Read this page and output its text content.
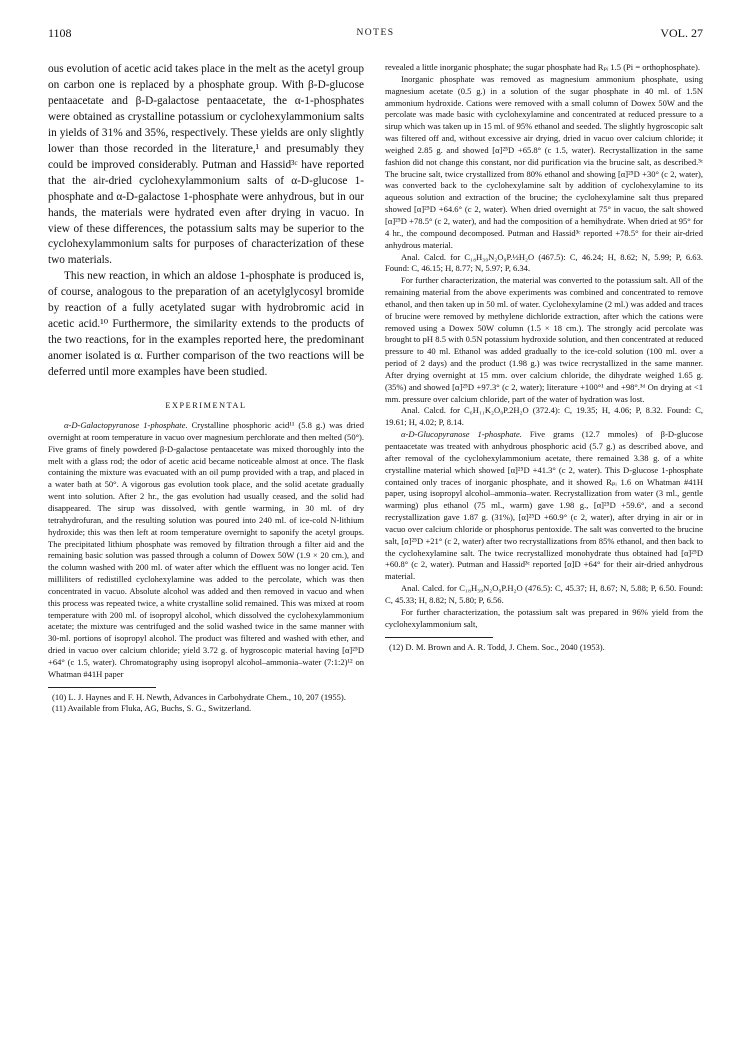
1108	NOTES	VOL. 27

ous evolution of acetic acid takes place in the melt as the acetyl group on carbon one is replaced by a phosphate group. With β-D-glucose pentaacetate and β-D-galactose pentaacetate, the α-1-phosphates were obtained as crystalline potassium or cyclohexylammonium salts in yields of 31% and 35%, respectively. These yields are only slightly lower than those recorded in the literature,¹ and presumably they could be improved considerably. Putman and Hassid³ᶜ have reported that the air-dried cyclohexylammonium salts of α-D-glucose 1-phosphate and α-D-galactose 1-phosphate were anhydrous, but in our hands, the materials were hydrated even after drying in vacuo. In view of these differences, the potassium salts may be superior to the cyclohexylammonium salts for purposes of characterization of these two materials.

This new reaction, in which an aldose 1-phosphate is produced is, of course, analogous to the preparation of an acetylglycosyl bromide by reaction of a fully acetylated sugar with hydrobromic acid in acetic acid.¹⁰ Furthermore, the similarity extends to the products of the two reactions, for in the examples reported here, the predominant anomer isolated is α. Further comparison of the two reactions will be deferred until more examples have been studied.

EXPERIMENTAL

α-D-Galactopyranose 1-phosphate. Crystalline phosphoric acid¹¹ (5.8 g.) was dried overnight at room temperature in vacuo over magnesium perchlorate and then melted (50°). Five grams of finely powdered β-D-galactose pentaacetate was mixed thoroughly into the melt with a glass rod; the odor of acetic acid became noticeable almost at once. The flask containing the mixture was evacuated with an oil pump provided with a trap, and placed in a water bath at 50°. A vigorous gas evolution took place, and the solid acetate gradually went into solution. After 2 hr., the gas evolution had usually ceased, and the solid had disappeared. The sirup was dissolved, with gentle warming, in 30 ml. of dry tetrahydrofuran, and the resulting solution was poured into 240 ml. of ice-cold N-lithium hydroxide; this was then left at room temperature overnight to saponify the acetyl groups. The precipitated lithium phosphate was removed by filtration through a filter aid and the remaining basic solution was passed through a column of Dowex 50W (1.9 × 20 cm.), and the column washed with 200 ml. of water after which the effluent was no longer acid. Ten milliliters of redistilled cyclohexylamine was added to the percolate, which was then concentrated in vacuo. Absolute alcohol was added and then removed in vacuo and when this process was repeated twice, a white crystalline solid remained. This was mixed at room temperature with 200 ml. of isopropyl alcohol, which dissolved the cyclohexylammonium acetate; the mixture was centrifuged and the solid washed twice in the same manner with 30-ml. portions of isopropyl alcohol. The product was filtered and washed with ether, and dried in vacuo over calcium chloride; yield 3.72 g. of hygroscopic material having [α]²⁵D +64° (c 1.5, water). Chromatography using isopropyl alcohol–ammonia–water (7:1:2)¹² on Whatman #41H paper

(10) L. J. Haynes and F. H. Newth, Advances in Carbohydrate Chem., 10, 207 (1955).

(11) Available from Fluka, AG, Buchs, S. G., Switzerland.

revealed a little inorganic phosphate; the sugar phosphate had Rₚᵢ 1.5 (Pi = orthophosphate).

Inorganic phosphate was removed as magnesium ammonium phosphate, using magnesium acetate (0.5 g.) in a solution of the sugar phosphate in 40 ml. of 1.5N ammonium hydroxide. Cations were removed with a small column of Dowex 50W and the percolate was made basic with cyclohexylamine and concentrated at reduced pressure to a sirup which was taken up in 15 ml. of 95% ethanol and seeded. The slightly hygroscopic salt was filtered off and, without excessive air drying, dried in vacuo over calcium chloride; it weighed 2.85 g. and showed [α]²⁵D +65.8° (c 1.5, water). Recrystallization in the same fashion did not change this constant, nor did purification via the brucine salt, as described.³ᶜ The brucine salt, twice crystallized from 80% ethanol and showing [α]²⁵D +30° (c 2, water), was converted back to the cyclohexylamine salt by addition of cyclohexylamine to its aqueous solution and extraction of the brucine; the cyclohexylamine salt thus prepared showed [α]²⁵D +64.6° (c 2, water). When dried overnight at 75° in vacuo, the salt showed [α]²⁵D +78.5° (c 2, water), and had the composition of a hemihydrate. When dried at 95° for 4 hr., the compound decomposed. Putman and Hassid³ᶜ reported +78.5° for their air-dried anhydrous material.

Anal. Calcd. for C₁₈H₃₉N₂O₉P.½H₂O (467.5): C, 46.24; H, 8.62; N, 5.99; P, 6.63. Found: C, 46.15; H, 8.77; N, 5.97; P, 6.34.

For further characterization, the material was converted to the potassium salt. All of the remaining material from the above experiments was combined and concentrated to remove ethanol, and then taken up in 50 ml. of water. Cyclohexylamine (2 ml.) was added and traces of brucine were removed by methylene dichloride extraction, after which the cations were removed using a Dowex 50W column (1.5 × 18 cm.). The strongly acid percolate was brought to pH 8.5 with 0.5N potassium hydroxide solution, and then concentrated at reduced pressure to 40 ml. Ethanol was added gradually to the ice-cold solution (100 ml. over a period of 2 days) and the product (1.98 g.) was twice recrystallized in the same manner. After drying overnight at 15 mm. over calcium chloride, the dihydrate weighed 1.65 g. (35%) and showed [α]²⁵D +97.3° (c 2, water); literature +100°¹ and +98°.³ᵈ On drying at <1 mm. pressure over calcium chloride, part of the water of hydration was lost.

Anal. Calcd. for C₆H₁₁K₂O₉P.2H₂O (372.4): C, 19.35; H, 4.06; P, 8.32. Found: C, 19.61; H, 4.02; P, 8.14.

α-D-Glucopyranose 1-phosphate. Five grams (12.7 mmoles) of β-D-glucose pentaacetate was treated with anhydrous phosphoric acid (5.7 g.) as described above, and after removal of the cyclohexylammonium acetate, there remained 3.38 g. of a white crystalline material which showed [α]²⁵D +41.3° (c 2, water). This D-glucose 1-phosphate contained only traces of inorganic phosphate, and it showed Rₚᵢ 1.6 on Whatman #41H paper, using isopropyl alcohol–ammonia–water. Recrystallization from water (3 ml., gentle warming) plus ethanol (75 ml., warm) gave 1.98 g., [α]²⁵D +59.6°, and a second recrystallization gave 1.87 g. (31%), [α]²⁵D +60.9° (c 2, water), after drying in air or in vacuo over calcium chloride or phosphorus pentoxide. The salt was converted to the brucine salt, [α]²⁵D +21° (c 2, water) after two recrystallizations from 85% ethanol, and then back to the cyclohexylamine salt. The twice recrystallized monohydrate thus obtained had [α]²⁵D +60.8° (c 2, water). Putman and Hassid³ᶜ reported [α]D +64° for their air-dried anhydrous material.

Anal. Calcd. for C₁₈H₃₉N₂O₉P.H₂O (476.5): C, 45.37; H, 8.67; N, 5.88; P, 6.50. Found: C, 45.33; H, 8.82; N, 5.80; P, 6.56.

For further characterization, the potassium salt was prepared in 96% yield from the cyclohexylammonium salt,

(12) D. M. Brown and A. R. Todd, J. Chem. Soc., 2040 (1953).
